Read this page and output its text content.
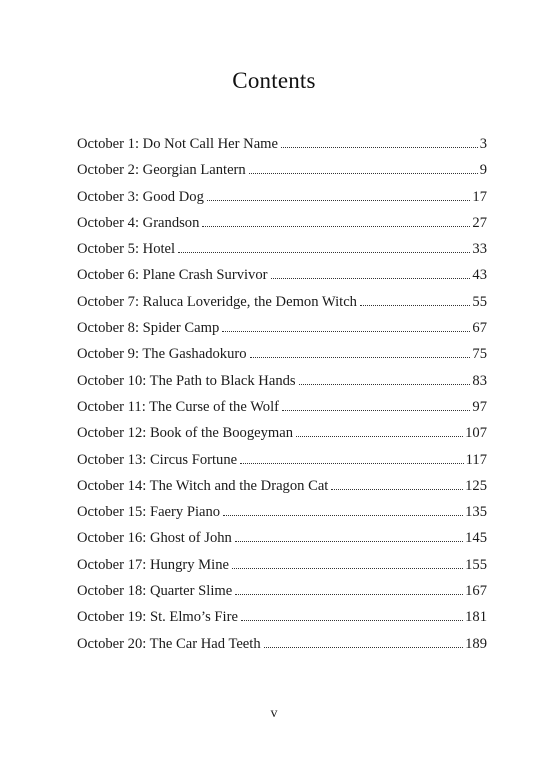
Contents
October 1: Do Not Call Her Name	3
October 2: Georgian Lantern	9
October 3: Good Dog	17
October 4: Grandson	27
October 5: Hotel	33
October 6: Plane Crash Survivor	43
October 7: Raluca Loveridge, the Demon Witch	55
October 8: Spider Camp	67
October 9: The Gashadokuro	75
October 10: The Path to Black Hands	83
October 11: The Curse of the Wolf	97
October 12: Book of the Boogeyman	107
October 13: Circus Fortune	117
October 14: The Witch and the Dragon Cat	125
October 15: Faery Piano	135
October 16: Ghost of John	145
October 17: Hungry Mine	155
October 18: Quarter Slime	167
October 19: St. Elmo’s Fire	181
October 20: The Car Had Teeth	189
v
